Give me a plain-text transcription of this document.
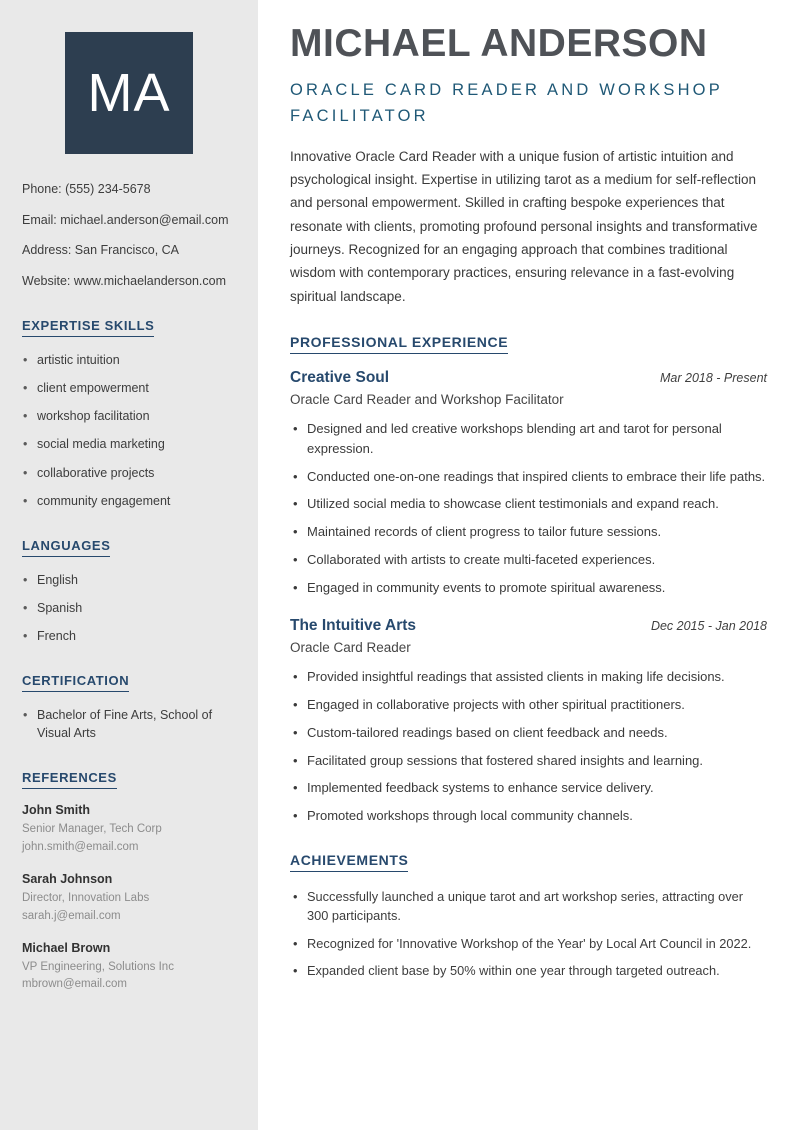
MA
Phone: (555) 234-5678
Email: michael.anderson@email.com
Address: San Francisco, CA
Website: www.michaelanderson.com
EXPERTISE SKILLS
• artistic intuition
• client empowerment
• workshop facilitation
• social media marketing
• collaborative projects
• community engagement
LANGUAGES
• English
• Spanish
• French
CERTIFICATION
• Bachelor of Fine Arts, School of Visual Arts
REFERENCES
John Smith
Senior Manager, Tech Corp
john.smith@email.com
Sarah Johnson
Director, Innovation Labs
sarah.j@email.com
Michael Brown
VP Engineering, Solutions Inc
mbrown@email.com
MICHAEL ANDERSON
ORACLE CARD READER AND WORKSHOP FACILITATOR

Innovative Oracle Card Reader with a unique fusion of artistic intuition and psychological insight. Expertise in utilizing tarot as a medium for self-reflection and personal empowerment. Skilled in crafting bespoke experiences that resonate with clients, promoting profound personal insights and transformative journeys. Recognized for an engaging approach that combines traditional wisdom with contemporary practices, ensuring relevance in a fast-evolving spiritual landscape.

PROFESSIONAL EXPERIENCE
Creative Soul	Mar 2018 - Present
Oracle Card Reader and Workshop Facilitator
• Designed and led creative workshops blending art and tarot for personal expression.
• Conducted one-on-one readings that inspired clients to embrace their life paths.
• Utilized social media to showcase client testimonials and expand reach.
• Maintained records of client progress to tailor future sessions.
• Collaborated with artists to create multi-faceted experiences.
• Engaged in community events to promote spiritual awareness.
The Intuitive Arts	Dec 2015 - Jan 2018
Oracle Card Reader
• Provided insightful readings that assisted clients in making life decisions.
• Engaged in collaborative projects with other spiritual practitioners.
• Custom-tailored readings based on client feedback and needs.
• Facilitated group sessions that fostered shared insights and learning.
• Implemented feedback systems to enhance service delivery.
• Promoted workshops through local community channels.
ACHIEVEMENTS
• Successfully launched a unique tarot and art workshop series, attracting over 300 participants.
• Recognized for 'Innovative Workshop of the Year' by Local Art Council in 2022.
• Expanded client base by 50% within one year through targeted outreach.
